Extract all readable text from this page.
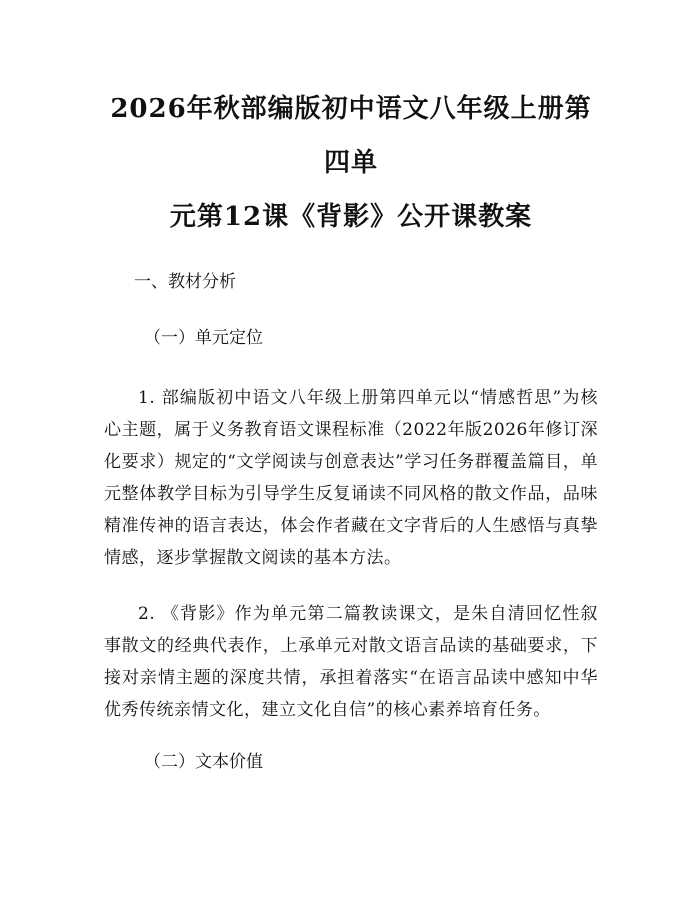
2026年秋部编版初中语文八年级上册第四单
元第12课《背影》公开课教案

一、教材分析

（一）单元定位

1. 部编版初中语文八年级上册第四单元以“情感哲思”为核心主题，属于义务教育语文课程标准（2022年版2026年修订深化要求）规定的“文学阅读与创意表达”学习任务群覆盖篇目，单元整体教学目标为引导学生反复诵读不同风格的散文作品，品味精准传神的语言表达，体会作者藏在文字背后的人生感悟与真挚情感，逐步掌握散文阅读的基本方法。

2. 《背影》作为单元第二篇教读课文，是朱自清回忆性叙事散文的经典代表作，上承单元对散文语言品读的基础要求，下接对亲情主题的深度共情，承担着落实“在语言品读中感知中华优秀传统亲情文化，建立文化自信”的核心素养培育任务。

（二）文本价值
